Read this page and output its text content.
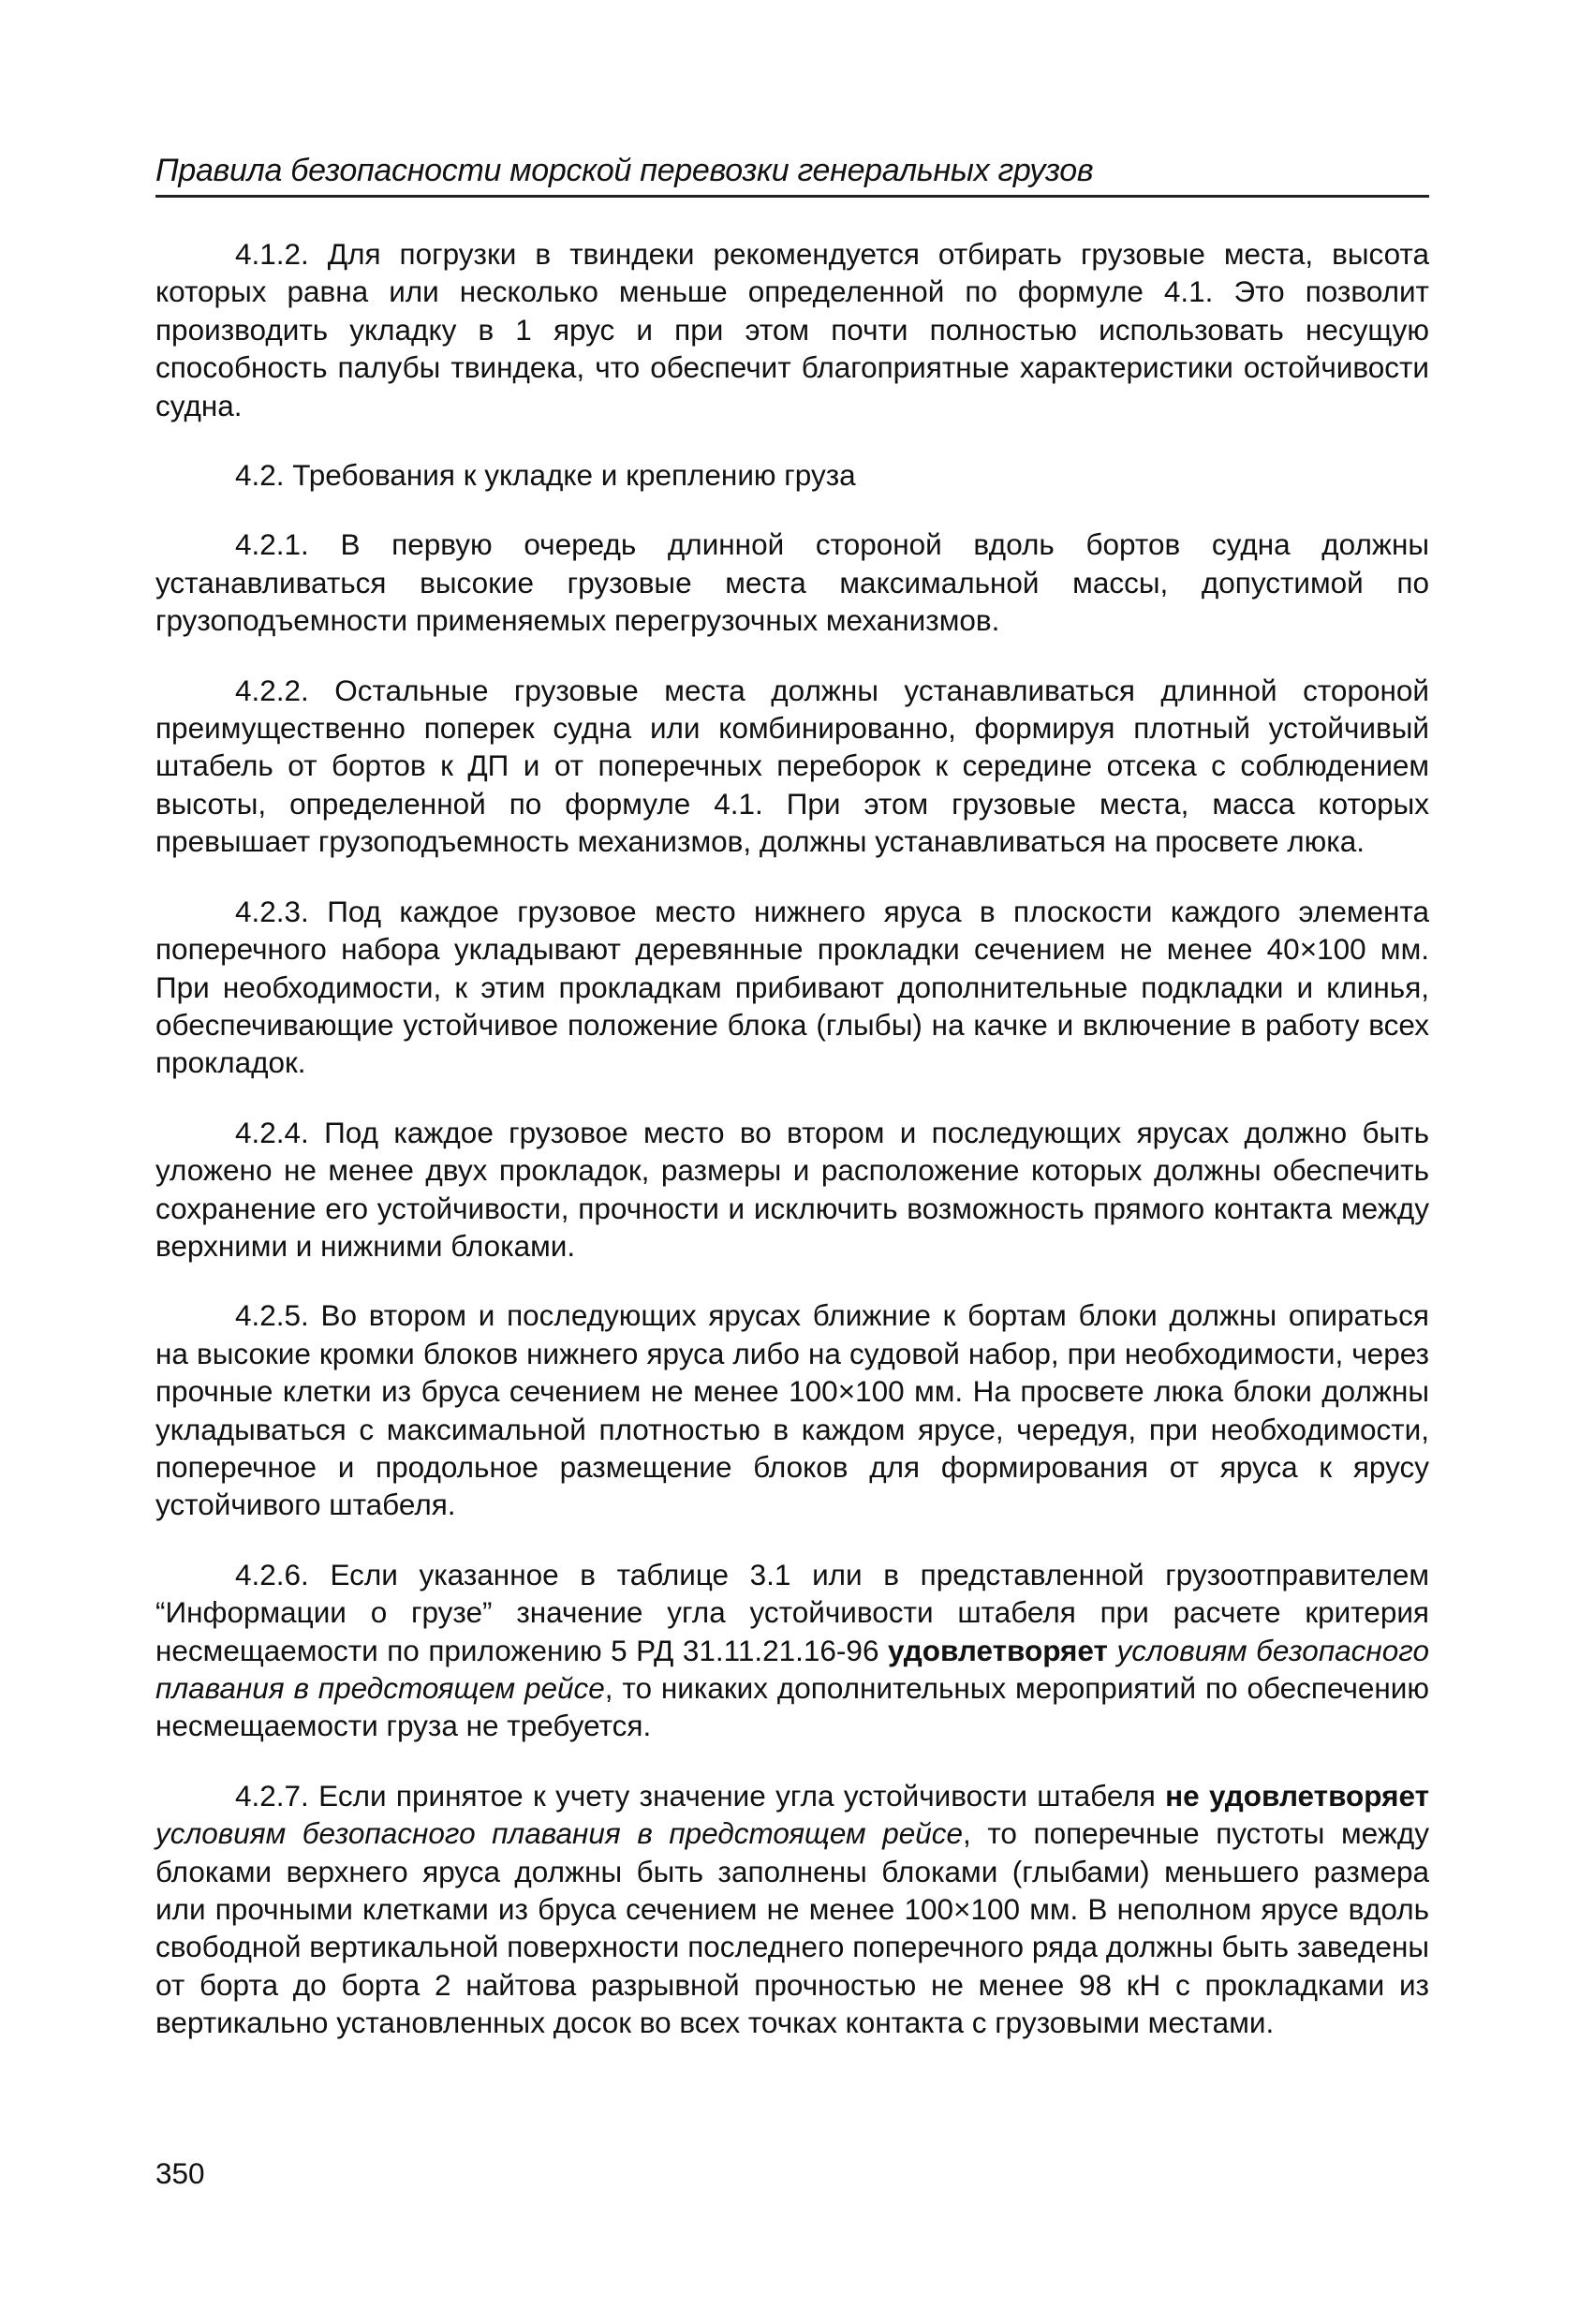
Правила безопасности морской перевозки генеральных грузов

4.1.2. Для погрузки в твиндеки рекомендуется отбирать грузовые места, высота которых равна или несколько меньше определенной по формуле 4.1. Это позволит производить укладку в 1 ярус и при этом почти полностью использовать несущую способность палубы твиндека, что обеспечит благоприятные характеристики остойчивости судна.

4.2. Требования к укладке и креплению груза

4.2.1. В первую очередь длинной стороной вдоль бортов судна должны устанавливаться высокие грузовые места максимальной массы, допустимой по грузоподъемности применяемых перегрузочных механизмов.

4.2.2. Остальные грузовые места должны устанавливаться длинной стороной преимущественно поперек судна или комбинированно, формируя плотный устойчивый штабель от бортов к ДП и от поперечных переборок к середине отсека с соблюдением высоты, определенной по формуле 4.1. При этом грузовые места, масса которых превышает грузоподъемность механизмов, должны устанавливаться на просвете люка.

4.2.3. Под каждое грузовое место нижнего яруса в плоскости каждого элемента поперечного набора укладывают деревянные прокладки сечением не менее 40×100 мм. При необходимости, к этим прокладкам прибивают дополнительные подкладки и клинья, обеспечивающие устойчивое положение блока (глыбы) на качке и включение в работу всех прокладок.

4.2.4. Под каждое грузовое место во втором и последующих ярусах должно быть уложено не менее двух прокладок, размеры и расположение которых должны обеспечить сохранение его устойчивости, прочности и исключить возможность прямого контакта между верхними и нижними блоками.

4.2.5. Во втором и последующих ярусах ближние к бортам блоки должны опираться на высокие кромки блоков нижнего яруса либо на судовой набор, при необходимости, через прочные клетки из бруса сечением не менее 100×100 мм. На просвете люка блоки должны укладываться с максимальной плотностью в каждом ярусе, чередуя, при необходимости, поперечное и продольное размещение блоков для формирования от яруса к ярусу устойчивого штабеля.

4.2.6. Если указанное в таблице 3.1 или в представленной грузоотправителем “Информации о грузе” значение угла устойчивости штабеля при расчете критерия несмещаемости по приложению 5 РД 31.11.21.16-96 удовлетворяет условиям безопасного плавания в предстоящем рейсе, то никаких дополнительных мероприятий по обеспечению несмещаемости груза не требуется.

4.2.7. Если принятое к учету значение угла устойчивости штабеля не удовлетворяет условиям безопасного плавания в предстоящем рейсе, то поперечные пустоты между блоками верхнего яруса должны быть заполнены блоками (глыбами) меньшего размера или прочными клетками из бруса сечением не менее 100×100 мм. В неполном ярусе вдоль свободной вертикальной поверхности последнего поперечного ряда должны быть заведены от борта до борта 2 найтова разрывной прочностью не менее 98 кН с прокладками из вертикально установленных досок во всех точках контакта с грузовыми местами.

350
